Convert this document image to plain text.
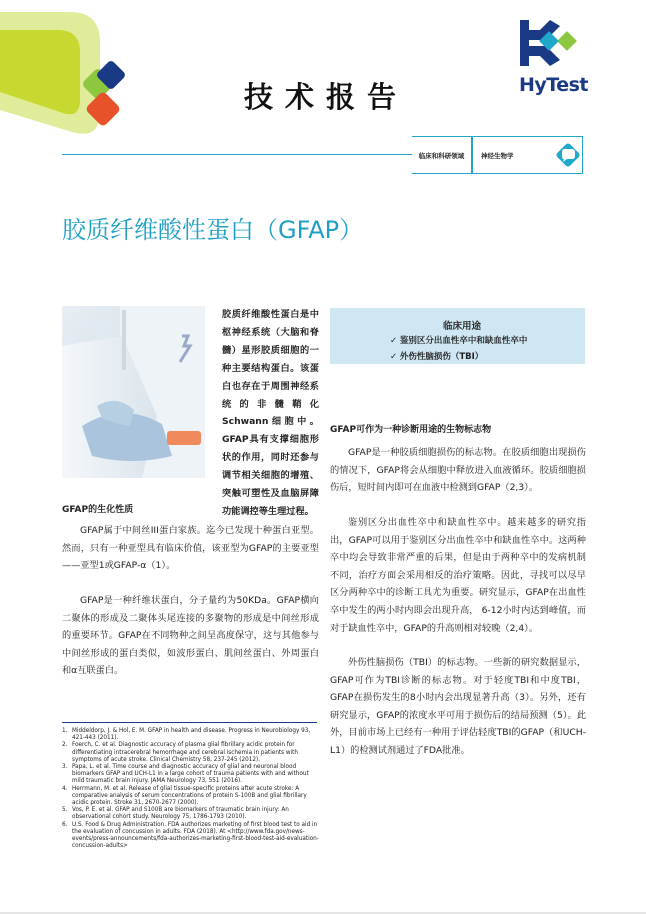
技术报告	HyTest
临床和科研领域	神经生物学
胶质纤维酸性蛋白（GFAP）
胶质纤维酸性蛋白是中枢神经系统（大脑和脊髓）星形胶质细胞的一种主要结构蛋白。该蛋白也存在于周围神经系统的非髓鞘化Schwann细胞中。GFAP具有支撑细胞形状的作用，同时还参与调节相关细胞的增殖、突触可塑性及血脑屏障功能调控等生理过程。
临床用途
✓ 鉴别区分出血性卒中和缺血性卒中
✓ 外伤性脑损伤（TBI）
GFAP的生化性质

GFAP属于中间丝III蛋白家族。迄今已发现十种蛋白亚型。然而，只有一种亚型具有临床价值，该亚型为GFAP的主要亚型——亚型1或GFAP-α（1）。

GFAP是一种纤维状蛋白，分子量约为50KDa。GFAP横向二聚体的形成及二聚体头尾连接的多聚物的形成是中间丝形成的重要环节。GFAP在不同物种之间呈高度保守，这与其他参与中间丝形成的蛋白类似，如波形蛋白、肌间丝蛋白、外周蛋白和α互联蛋白。

GFAP可作为一种诊断用途的生物标志物

GFAP是一种胶质细胞损伤的标志物。在胶质细胞出现损伤的情况下，GFAP将会从细胞中释放进入血液循环。胶质细胞损伤后，短时间内即可在血液中检测到GFAP（2,3）。

鉴别区分出血性卒中和缺血性卒中。越来越多的研究指出，GFAP可以用于鉴别区分出血性卒中和缺血性卒中。这两种卒中均会导致非常严重的后果，但是由于两种卒中的发病机制不同，治疗方面会采用相反的治疗策略。因此，寻找可以尽早区分两种卒中的诊断工具尤为重要。研究显示，GFAP在出血性卒中发生的两小时内即会出现升高， 6-12小时内达到峰值，而对于缺血性卒中，GFAP的升高则相对较晚（2,4）。

外伤性脑损伤（TBI）的标志物。一些新的研究数据显示，GFAP可作为TBI诊断的标志物。对于轻度TBI和中度TBI，GFAP在损伤发生的8小时内会出现显著升高（3）。另外，还有研究显示，GFAP的浓度水平可用于损伤后的结局预测（5）。此外，目前市场上已经有一种用于评估轻度TBI的GFAP（和UCH-L1）的检测试剂通过了FDA批准。

1. Middeldorp, J. & Hol, E. M. GFAP in health and disease. Progress in Neurobiology 93, 421-443 (2011).
2. Foerch, C. et al. Diagnostic accuracy of plasma glial fibrillary acidic protein for differentiating intracerebral hemorrhage and cerebral ischemia in patients with symptoms of acute stroke. Clinical Chemistry 58, 237-245 (2012).
3. Papa, L. et al. Time course and diagnostic accuracy of glial and neuronal blood biomarkers GFAP and UCH-L1 in a large cohort of trauma patients with and without mild traumatic brain injury. JAMA Neurology 73, 551 (2016).
4. Herrmann, M. et al. Release of glial tissue-specific proteins after acute stroke: A comparative analysis of serum concentrations of protein S-100B and glial fibrillary acidic protein. Stroke 31, 2670-2677 (2000).
5. Vos, P. E. et al. GFAP and S100B are biomarkers of traumatic brain injury: An observational cohort study. Neurology 75, 1786-1793 (2010).
6. U.S. Food & Drug Administration. FDA authorizes marketing of first blood test to aid in the evaluation of concussion in adults. FDA (2018). At <http://www.fda.gov/news-events/press-announcements/fda-authorizes-marketing-first-blood-test-aid-evaluation-concussion-adults>
